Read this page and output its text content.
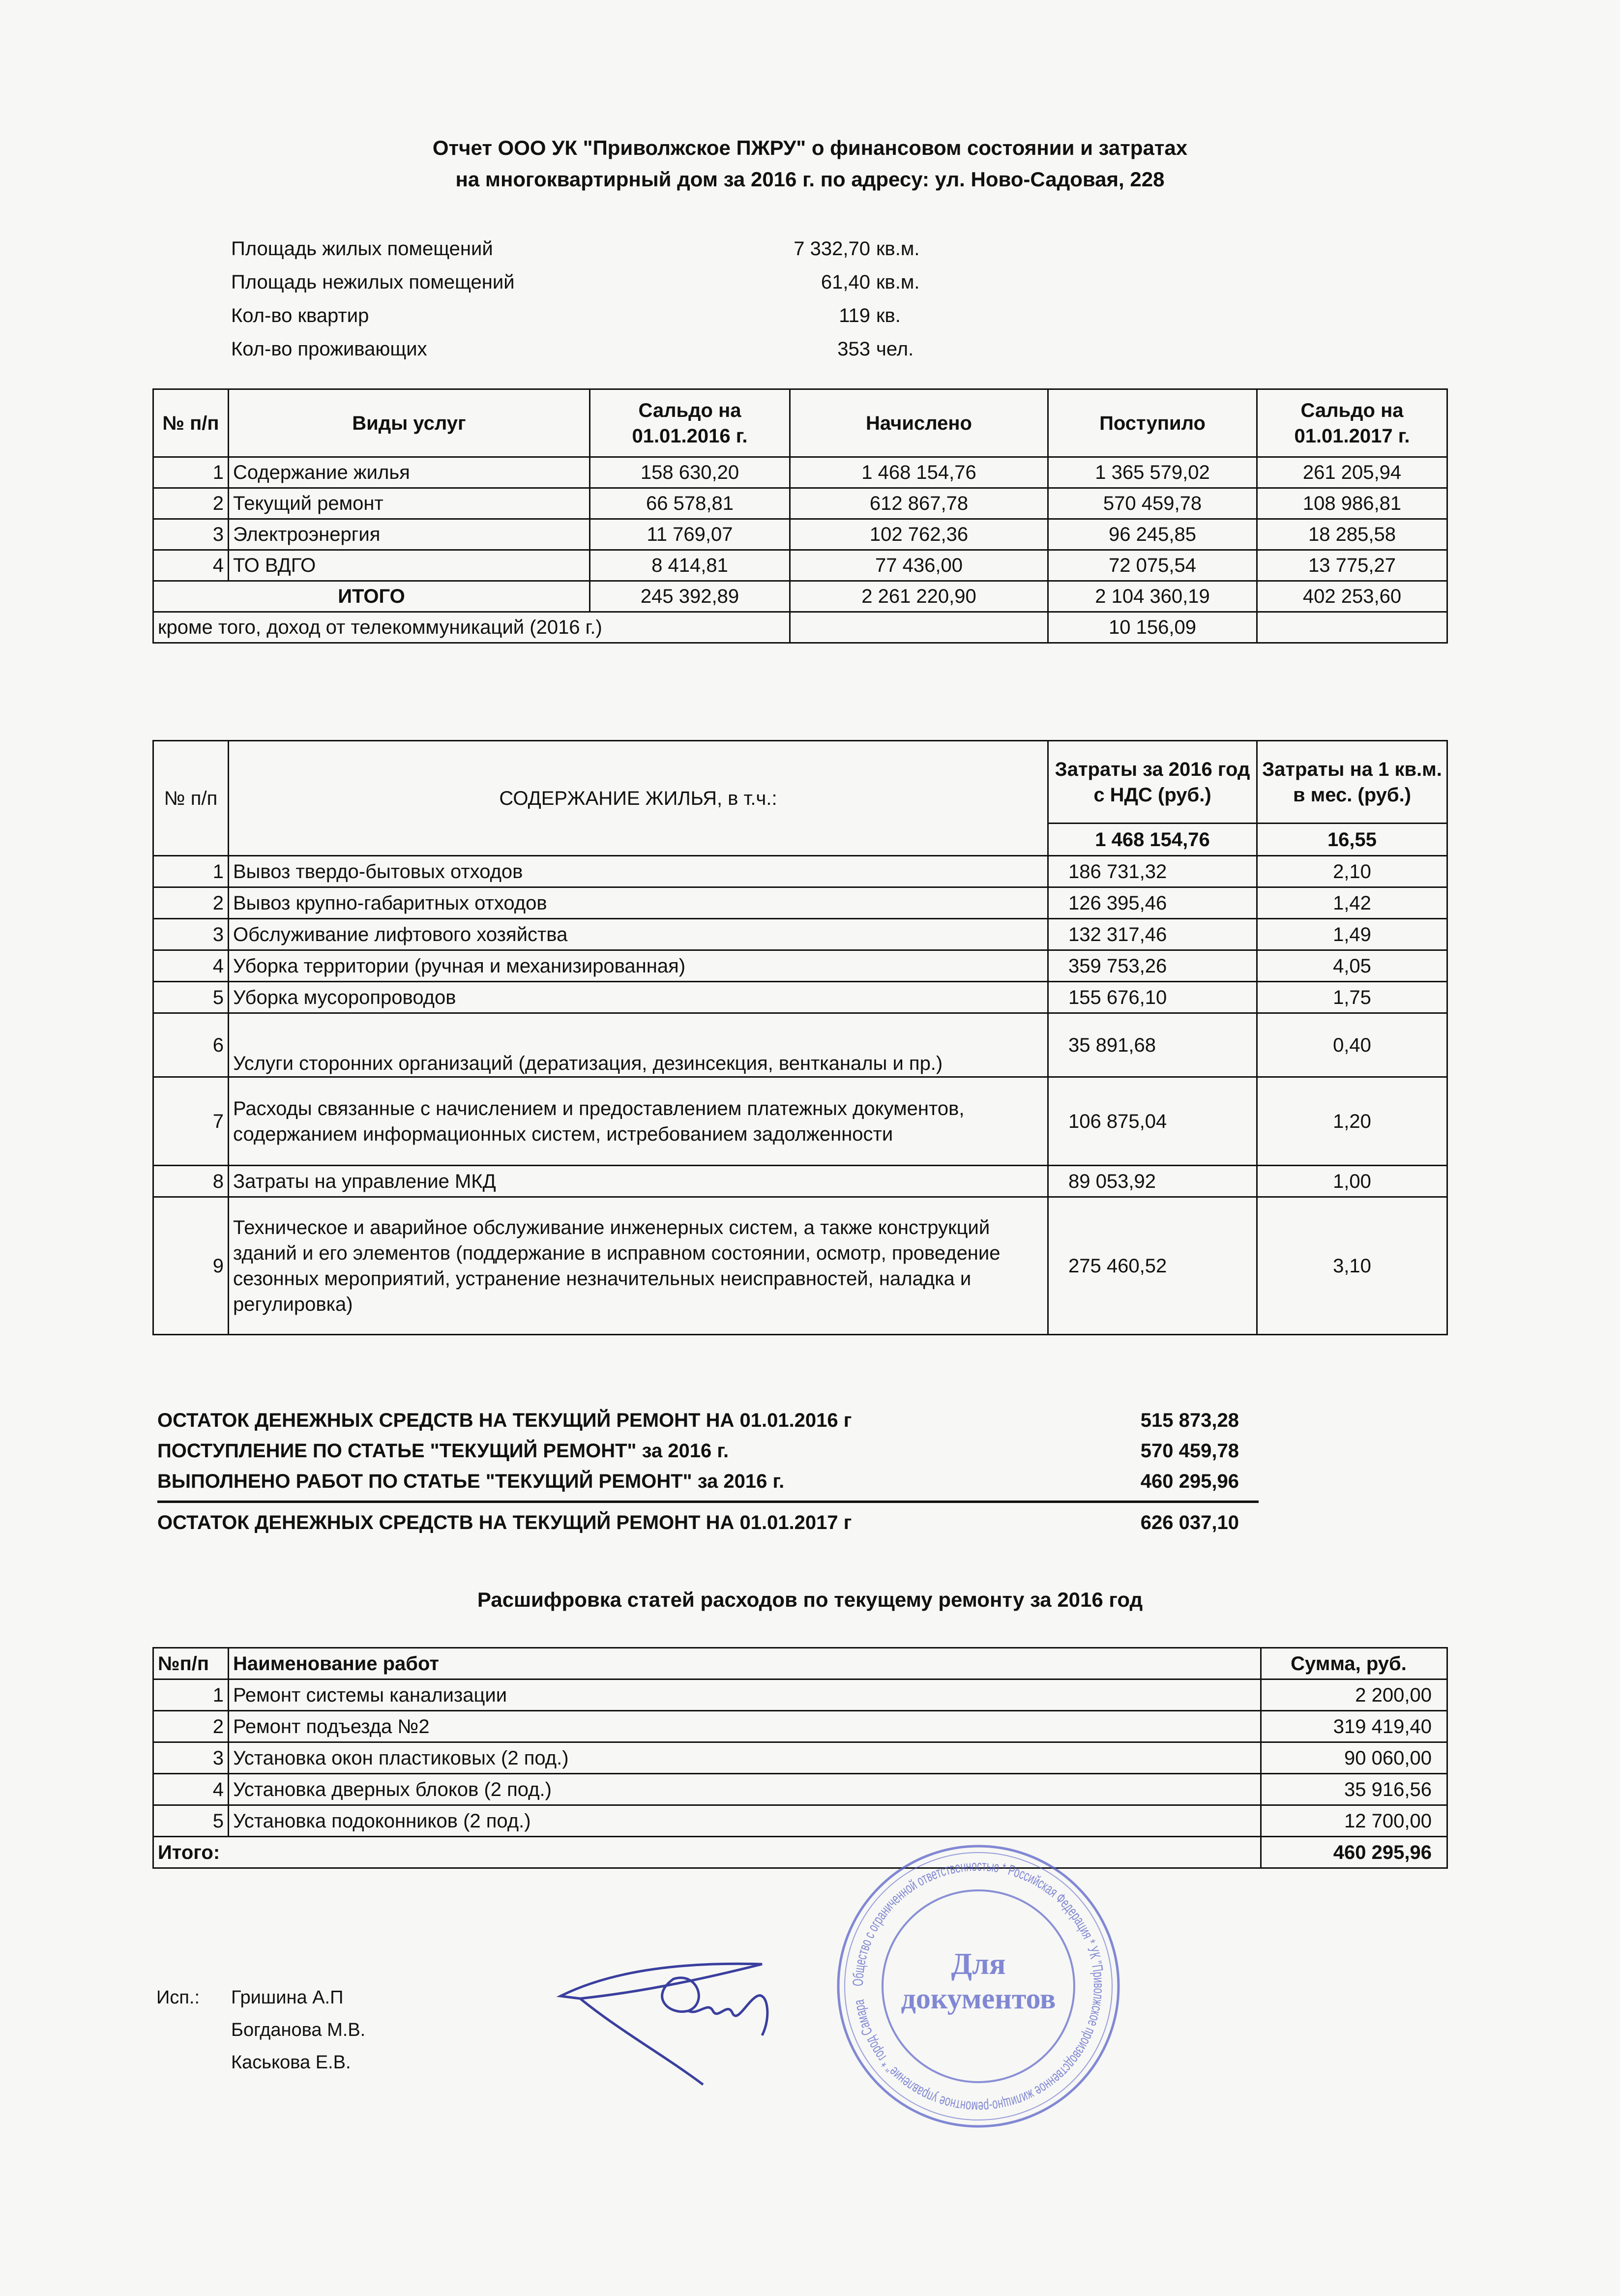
Отчет ООО УК "Приволжское ПЖРУ" о финансовом состоянии и затратах
на многоквартирный дом за 2016 г. по адресу: ул. Ново-Садовая, 228
Площадь жилых помещений	7 332,70 кв.м.
Площадь нежилых помещений	61,40 кв.м.
Кол-во квартир	119 кв.
Кол-во проживающих	353 чел.
№ п/п	Виды услуг	Сальдо на 01.01.2016 г.	Начислено	Поступило	Сальдо на 01.01.2017 г.
1	Содержание жилья	158 630,20	1 468 154,76	1 365 579,02	261 205,94
2	Текущий ремонт	66 578,81	612 867,78	570 459,78	108 986,81
3	Электроэнергия	11 769,07	102 762,36	96 245,85	18 285,58
4	ТО ВДГО	8 414,81	77 436,00	72 075,54	13 775,27
ИТОГО		245 392,89	2 261 220,90	2 104 360,19	402 253,60
кроме того, доход от телекоммуникаций (2016 г.)				10 156,09	
№ п/п	СОДЕРЖАНИЕ ЖИЛЬЯ, в т.ч.:	Затраты за 2016 год с НДС (руб.)	Затраты на 1 кв.м. в мес. (руб.)
		1 468 154,76	16,55
1	Вывоз твердо-бытовых отходов	186 731,32	2,10
2	Вывоз крупно-габаритных отходов	126 395,46	1,42
3	Обслуживание лифтового хозяйства	132 317,46	1,49
4	Уборка территории (ручная и механизированная)	359 753,26	4,05
5	Уборка мусоропроводов	155 676,10	1,75
6	Услуги сторонних организаций (дератизация, дезинсекция, вентканалы и пр.)	35 891,68	0,40
7	Расходы связанные с начислением и предоставлением платежных документов, содержанием информационных систем, истребованием задолженности	106 875,04	1,20
8	Затраты на управление МКД	89 053,92	1,00
9	Техническое и аварийное обслуживание инженерных систем, а также конструкций зданий и его элементов (поддержание в исправном состоянии, осмотр, проведение сезонных мероприятий, устранение незначительных неисправностей, наладка и регулировка)	275 460,52	3,10
ОСТАТОК ДЕНЕЖНЫХ СРЕДСТВ НА ТЕКУЩИЙ РЕМОНТ НА 01.01.2016 г	515 873,28
ПОСТУПЛЕНИЕ ПО СТАТЬЕ "ТЕКУЩИЙ РЕМОНТ" за 2016 г.	570 459,78
ВЫПОЛНЕНО РАБОТ ПО СТАТЬЕ "ТЕКУЩИЙ РЕМОНТ" за 2016 г.	460 295,96
ОСТАТОК ДЕНЕЖНЫХ СРЕДСТВ НА ТЕКУЩИЙ РЕМОНТ НА 01.01.2017 г	626 037,10
Расшифровка статей расходов по текущему ремонту за 2016 год
№п/п	Наименование работ	Сумма, руб.
1	Ремонт системы канализации	2 200,00
2	Ремонт подъезда №2	319 419,40
3	Установка окон пластиковых (2 под.)	90 060,00
4	Установка дверных блоков (2 под.)	35 916,56
5	Установка подоконников (2 под.)	12 700,00
Итого:		460 295,96
Исп.: Гришина А.П
Богданова М.В.
Каськова Е.В.
Общество с ограниченной ответственностью * Российская Федерация * УК "Приволжское производственное жилищно-ремонтное управление" * город Самара
Для
документов
